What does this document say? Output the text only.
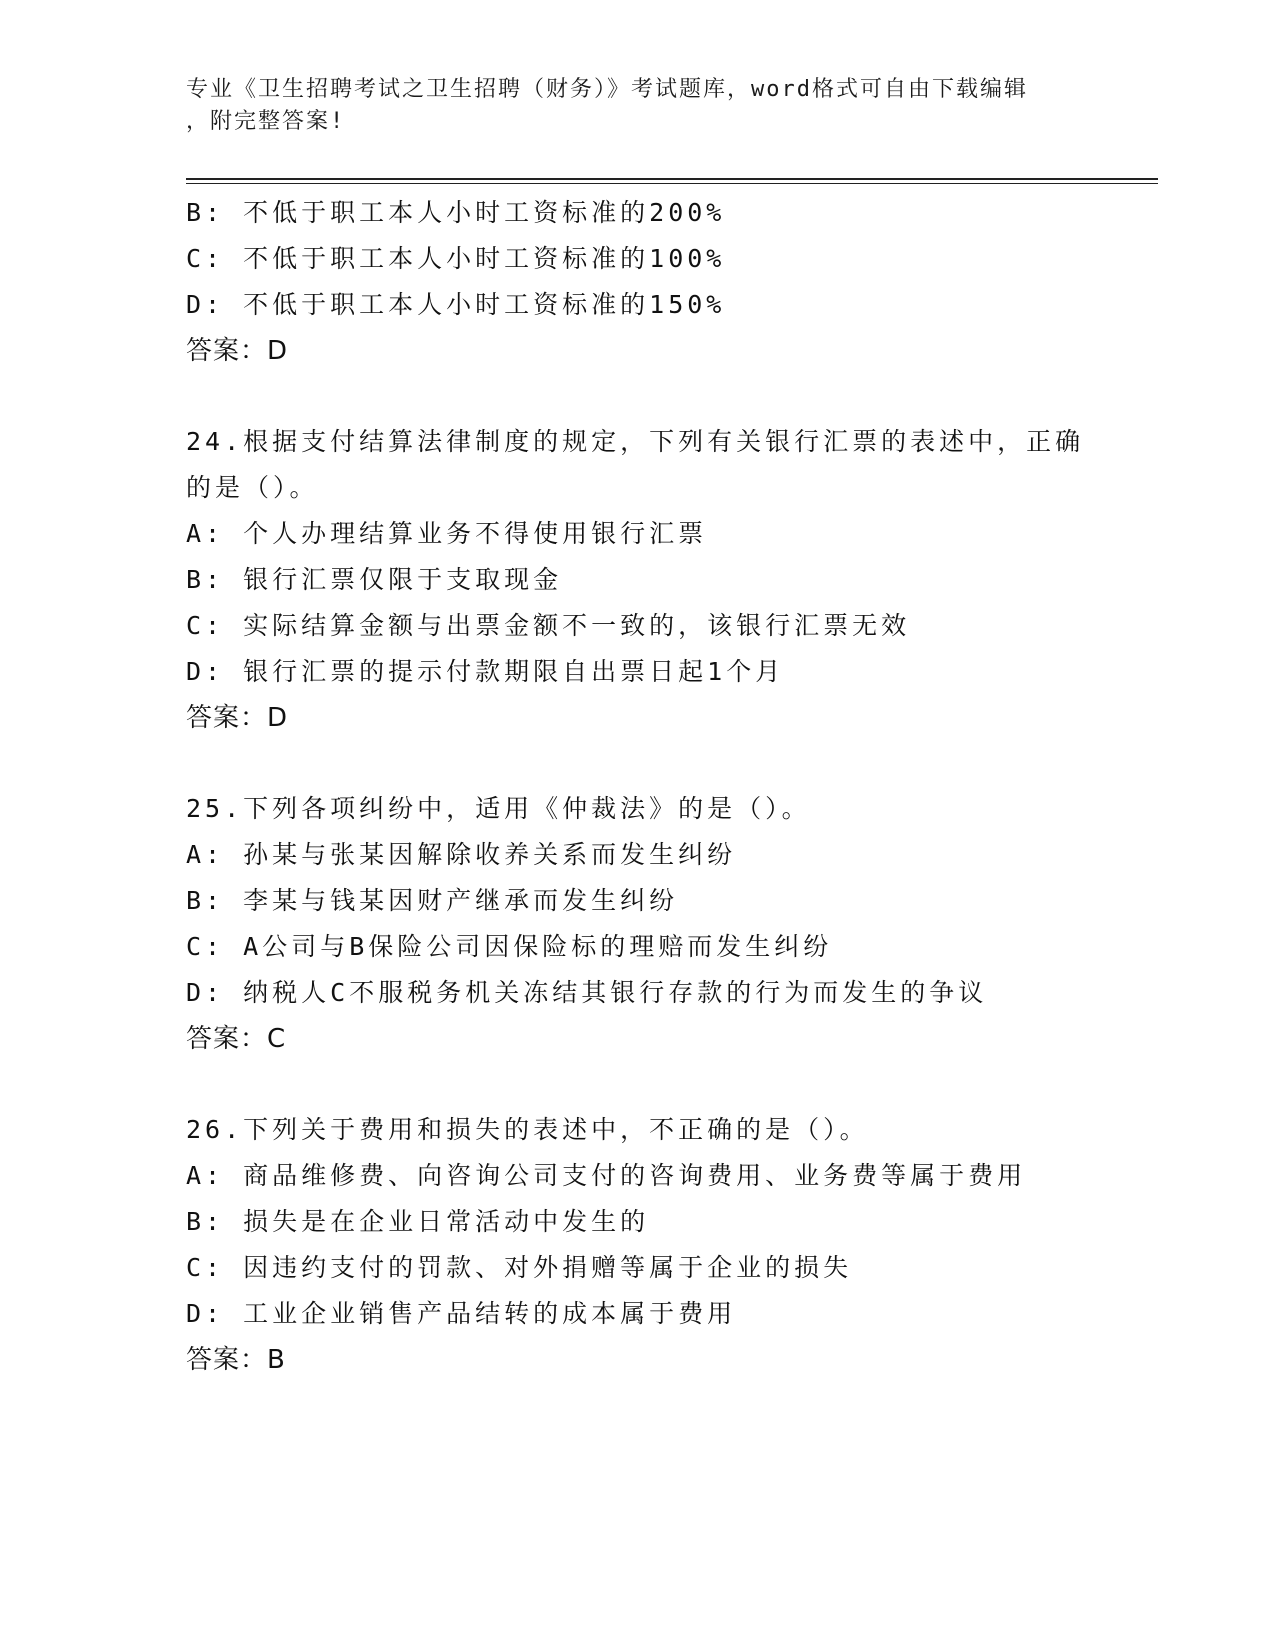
专业《卫生招聘考试之卫生招聘（财务）》考试题库，word格式可自由下载编辑
，附完整答案!
B: 不低于职工本人小时工资标准的200%
C: 不低于职工本人小时工资标准的100%
D: 不低于职工本人小时工资标准的150%
答案：D
24.根据支付结算法律制度的规定，下列有关银行汇票的表述中，正确
的是（）。
A: 个人办理结算业务不得使用银行汇票
B: 银行汇票仅限于支取现金
C: 实际结算金额与出票金额不一致的，该银行汇票无效
D: 银行汇票的提示付款期限自出票日起1个月
答案：D
25.下列各项纠纷中，适用《仲裁法》的是（）。
A: 孙某与张某因解除收养关系而发生纠纷
B: 李某与钱某因财产继承而发生纠纷
C: A公司与B保险公司因保险标的理赔而发生纠纷
D: 纳税人C不服税务机关冻结其银行存款的行为而发生的争议
答案：C
26.下列关于费用和损失的表述中，不正确的是（）。
A: 商品维修费、向咨询公司支付的咨询费用、业务费等属于费用
B: 损失是在企业日常活动中发生的
C: 因违约支付的罚款、对外捐赠等属于企业的损失
D: 工业企业销售产品结转的成本属于费用
答案：B
